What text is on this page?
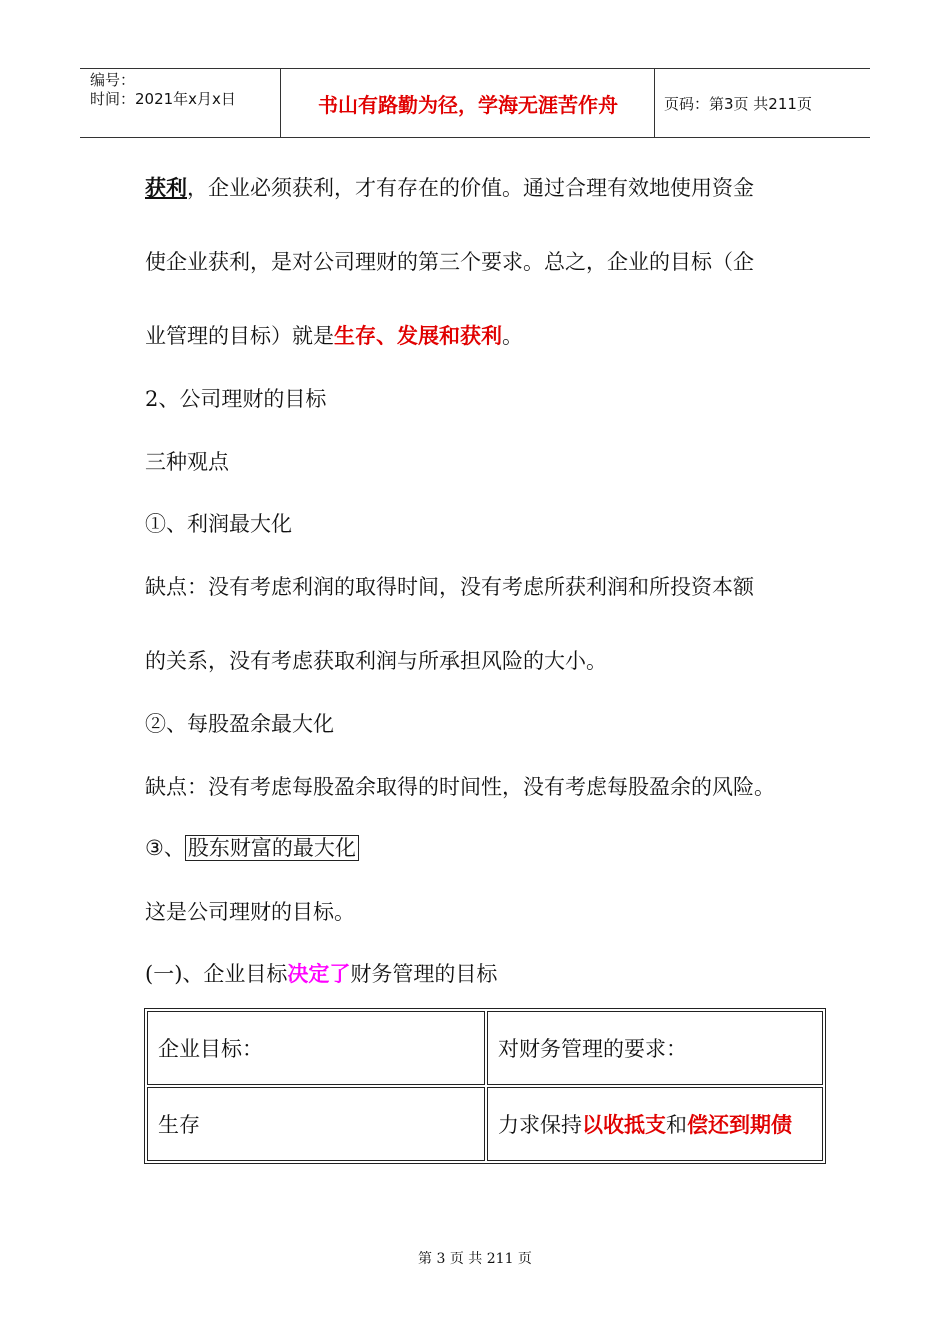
编号：
时间：2021年x月x日	书山有路勤为径，学海无涯苦作舟	页码：第3页 共211页
获利，企业必须获利，才有存在的价值。通过合理有效地使用资金
使企业获利，是对公司理财的第三个要求。总之，企业的目标（企
业管理的目标）就是生存、发展和获利。
2、公司理财的目标
三种观点
①、利润最大化
缺点：没有考虑利润的取得时间，没有考虑所获利润和所投资本额
的关系，没有考虑获取利润与所承担风险的大小。
②、每股盈余最大化
缺点：没有考虑每股盈余取得的时间性，没有考虑每股盈余的风险。
③、 股东财富的最大化
这是公司理财的目标。
(一)、企业目标决定了财务管理的目标
企业目标：	对财务管理的要求：
生存	力求保持以收抵支和偿还到期债
第 3 页 共 211 页
